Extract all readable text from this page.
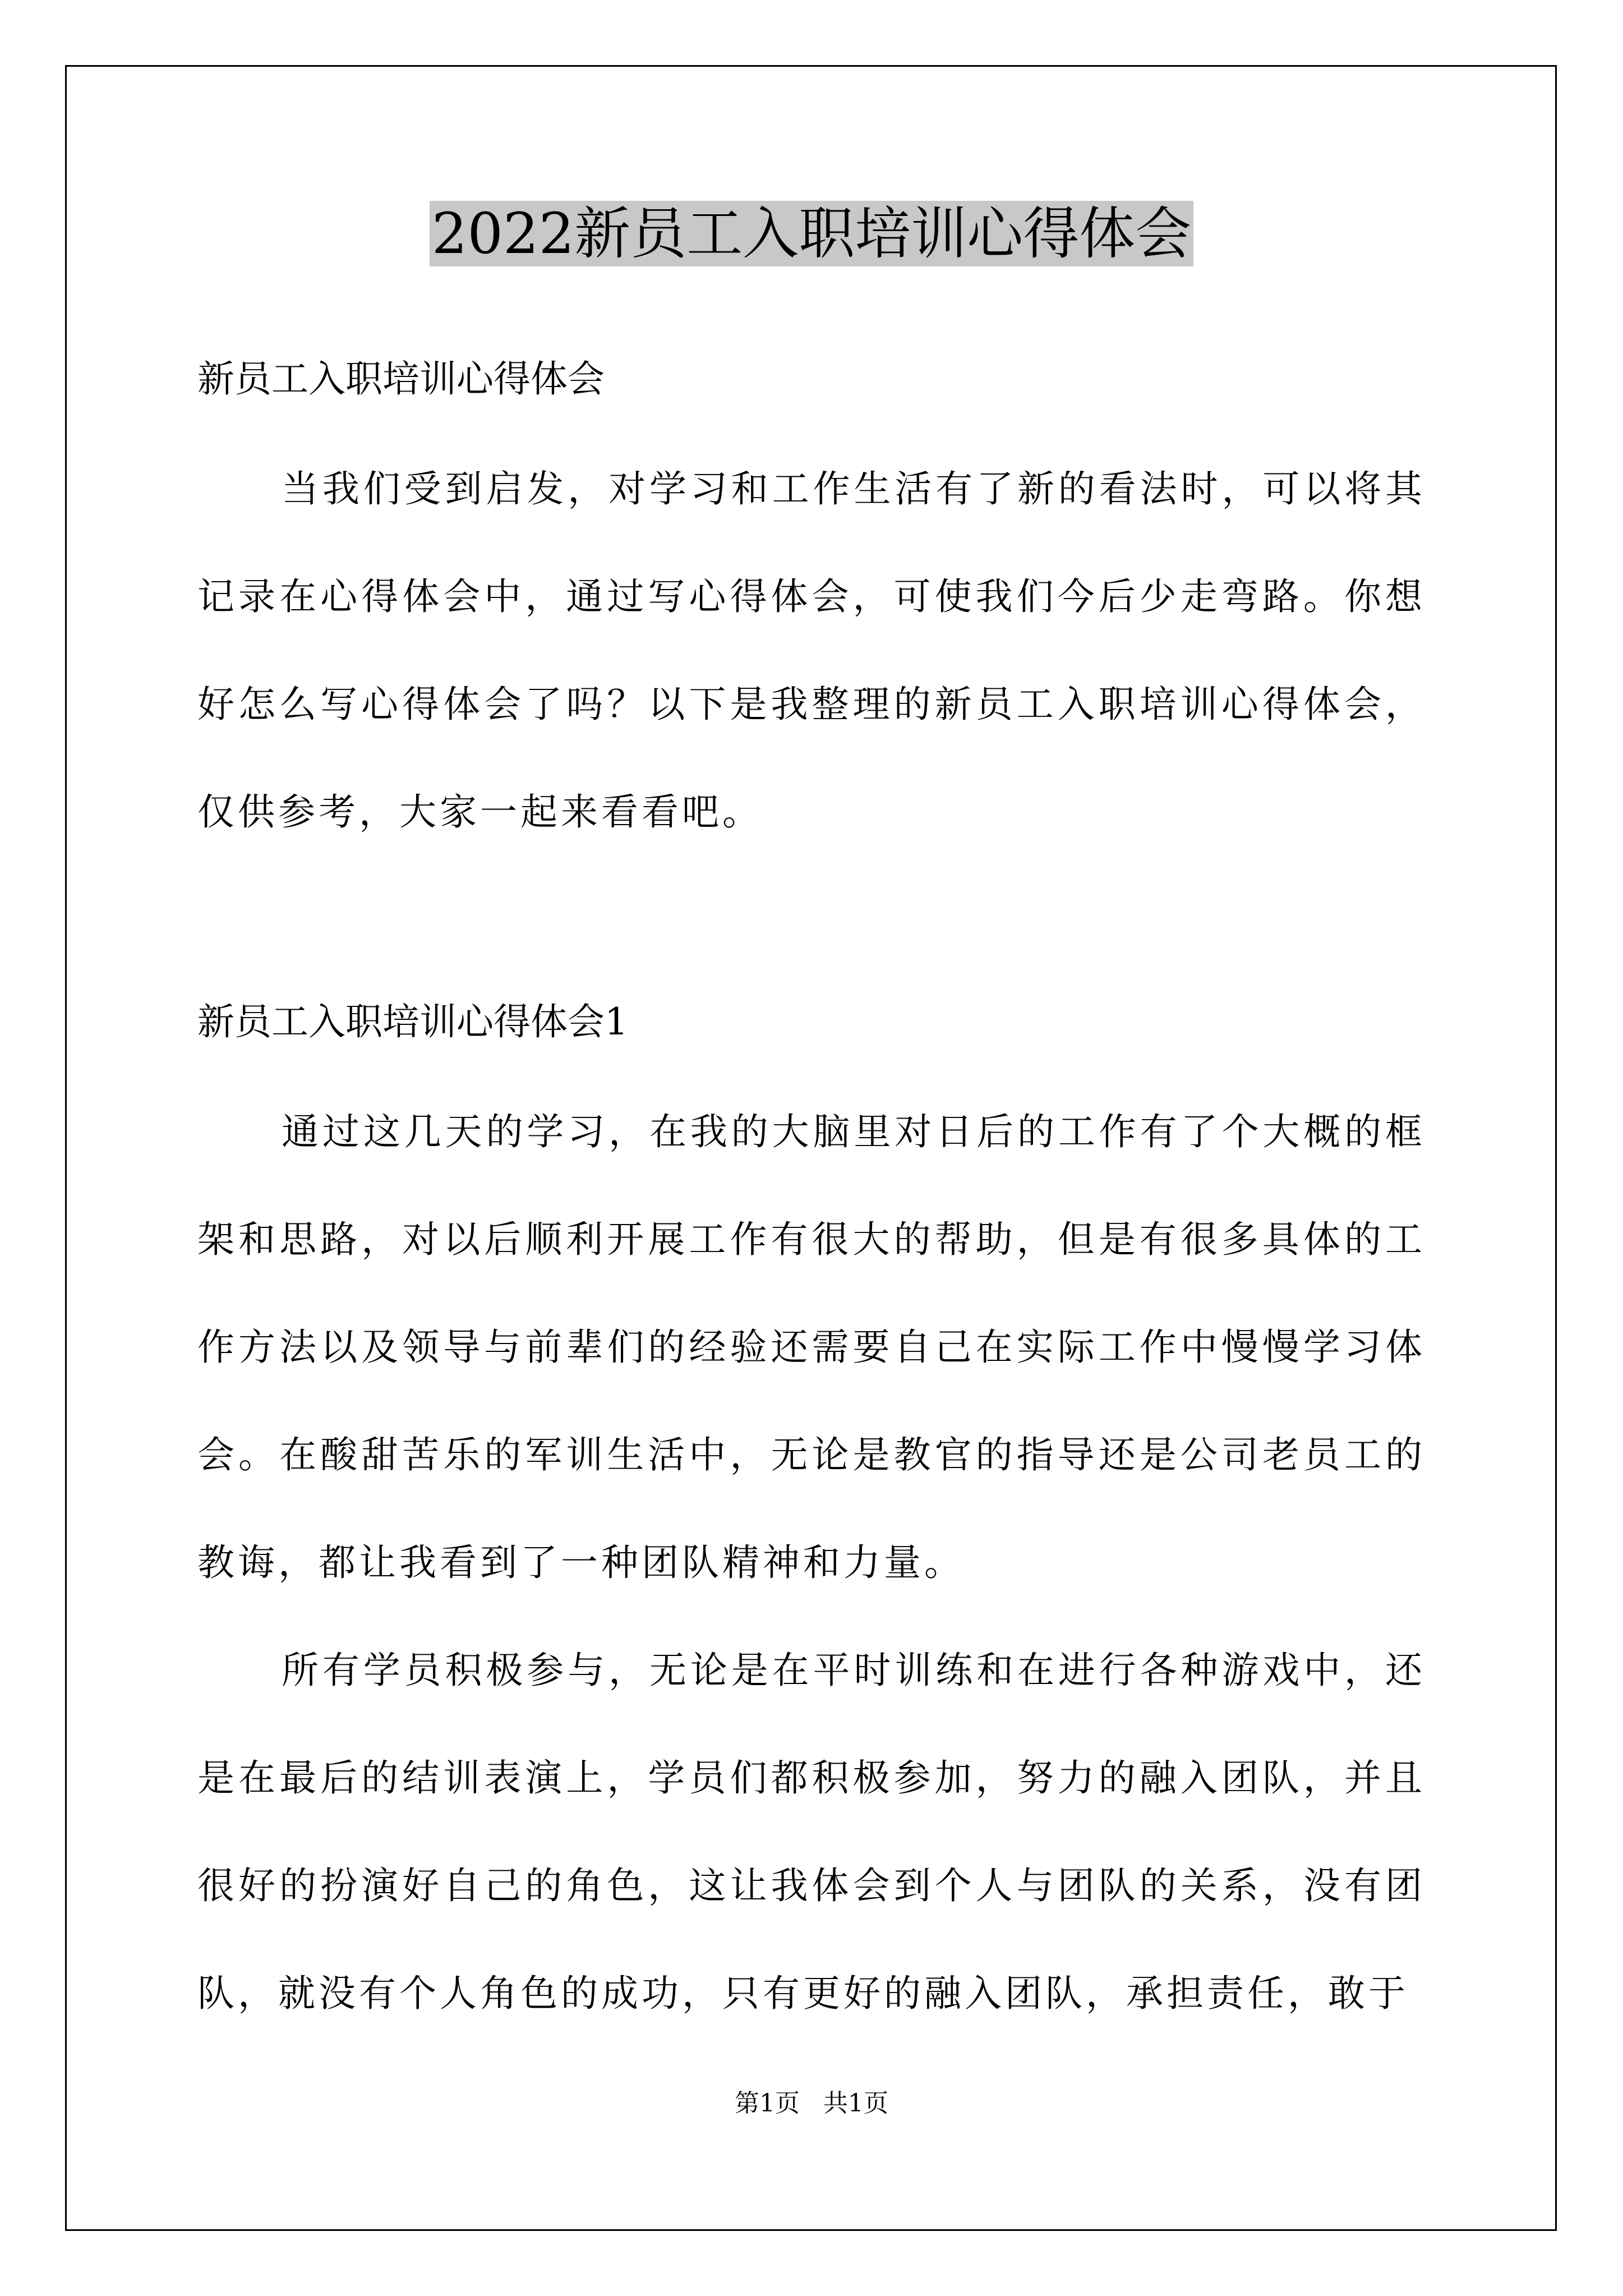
2022新员工入职培训心得体会

新员工入职培训心得体会

当我们受到启发，对学习和工作生活有了新的看法时，可以将其记录在心得体会中，通过写心得体会，可使我们今后少走弯路。你想好怎么写心得体会了吗？以下是我整理的新员工入职培训心得体会，仅供参考，大家一起来看看吧。

新员工入职培训心得体会1

通过这几天的学习，在我的大脑里对日后的工作有了个大概的框架和思路，对以后顺利开展工作有很大的帮助，但是有很多具体的工作方法以及领导与前辈们的经验还需要自己在实际工作中慢慢学习体会。在酸甜苦乐的军训生活中，无论是教官的指导还是公司老员工的教诲，都让我看到了一种团队精神和力量。

所有学员积极参与，无论是在平时训练和在进行各种游戏中，还是在最后的结训表演上，学员们都积极参加，努力的融入团队，并且很好的扮演好自己的角色，这让我体会到个人与团队的关系，没有团队，就没有个人角色的成功，只有更好的融入团队，承担责任，敢于

第1页   共1页
